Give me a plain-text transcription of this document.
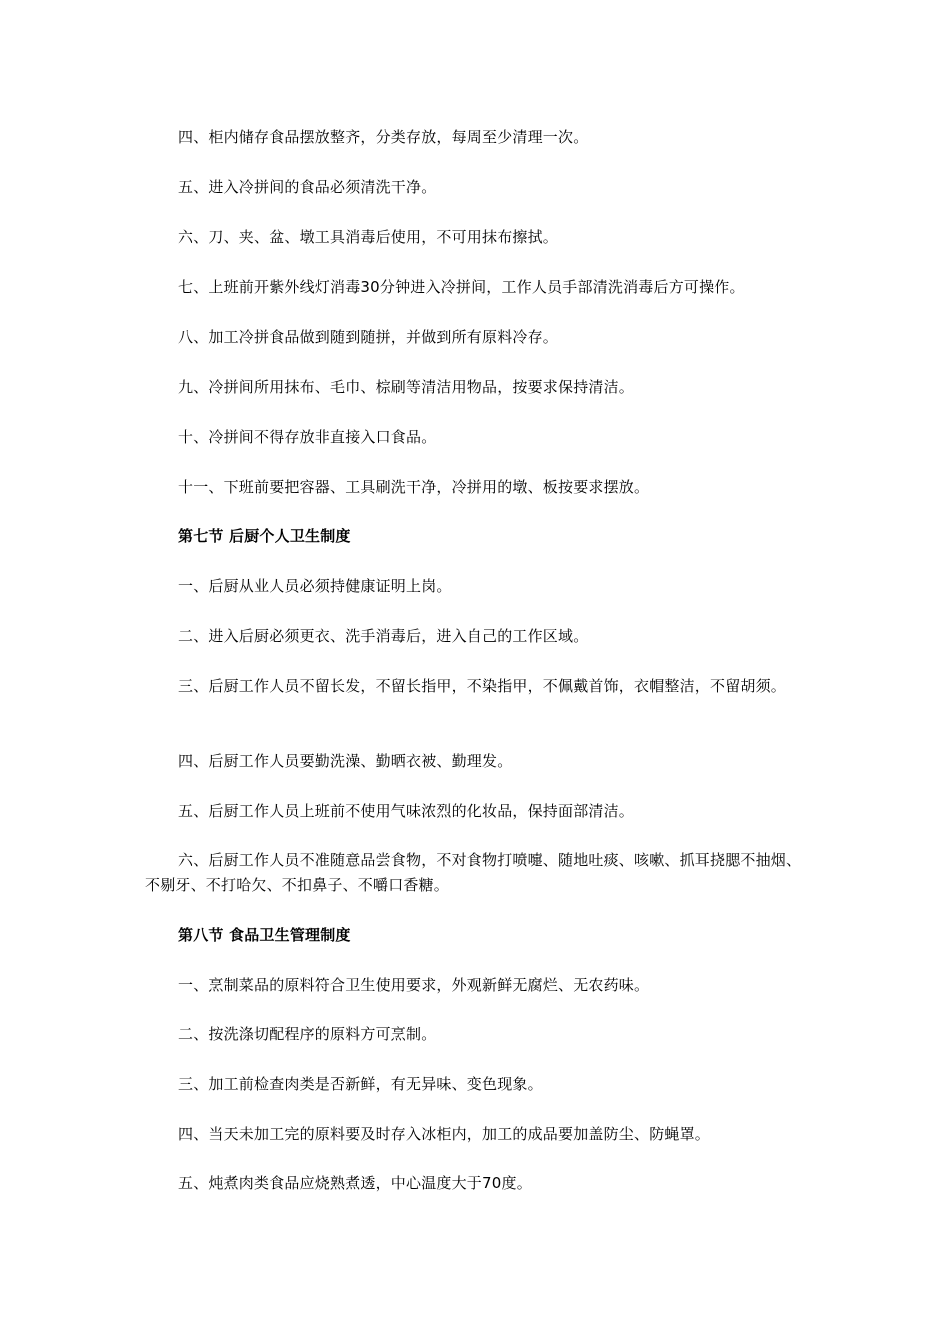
四、柜内储存食品摆放整齐，分类存放，每周至少清理一次。

五、进入冷拼间的食品必须清洗干净。

六、刀、夹、盆、墩工具消毒后使用，不可用抹布擦拭。

七、上班前开紫外线灯消毒30分钟进入冷拼间，工作人员手部清洗消毒后方可操作。

八、加工冷拼食品做到随到随拼，并做到所有原料冷存。

九、冷拼间所用抹布、毛巾、棕刷等清洁用物品，按要求保持清洁。

十、冷拼间不得存放非直接入口食品。

十一、下班前要把容器、工具刷洗干净，冷拼用的墩、板按要求摆放。

第七节 后厨个人卫生制度

一、后厨从业人员必须持健康证明上岗。

二、进入后厨必须更衣、洗手消毒后，进入自己的工作区域。

三、后厨工作人员不留长发，不留长指甲，不染指甲，不佩戴首饰，衣帽整洁，不留胡须。

四、后厨工作人员要勤洗澡、勤晒衣被、勤理发。

五、后厨工作人员上班前不使用气味浓烈的化妆品，保持面部清洁。

六、后厨工作人员不准随意品尝食物，不对食物打喷嚏、随地吐痰、咳嗽、抓耳挠腮不抽烟、不剔牙、不打哈欠、不扣鼻子、不嚼口香糖。

第八节 食品卫生管理制度

一、烹制菜品的原料符合卫生使用要求，外观新鲜无腐烂、无农药味。

二、按洗涤切配程序的原料方可烹制。

三、加工前检查肉类是否新鲜，有无异味、变色现象。

四、当天未加工完的原料要及时存入冰柜内，加工的成品要加盖防尘、防蝇罩。

五、炖煮肉类食品应烧熟煮透，中心温度大于70度。
